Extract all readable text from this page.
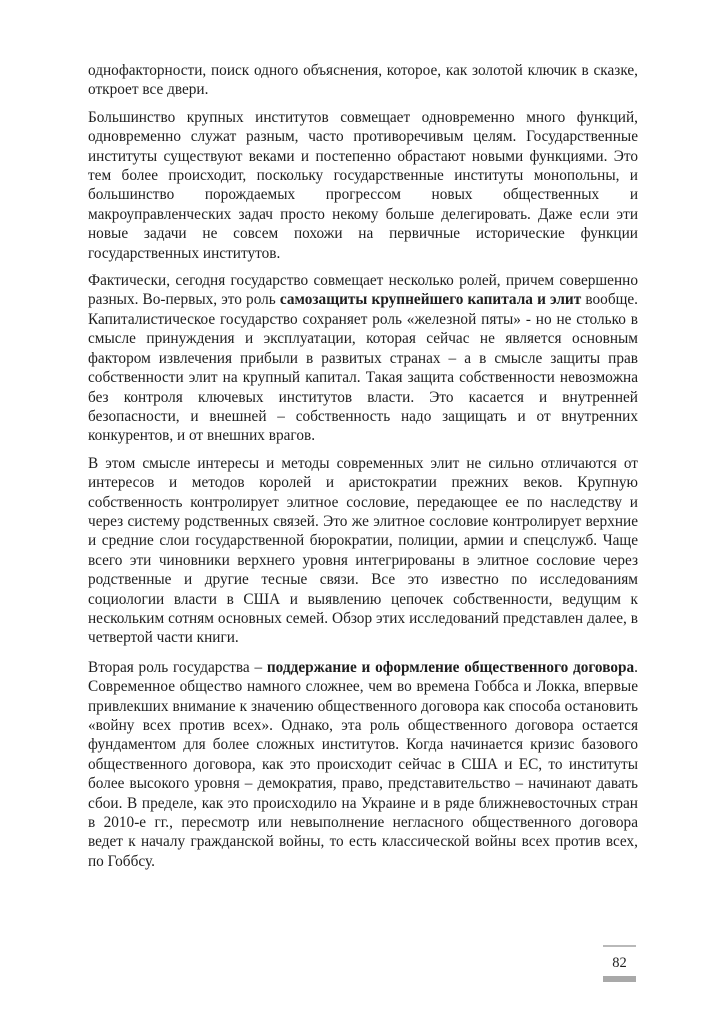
однофакторности, поиск одного объяснения, которое, как золотой ключик в сказке, откроет все двери.

Большинство крупных институтов совмещает одновременно много функций, одновременно служат разным, часто противоречивым целям. Государственные институты существуют веками и постепенно обрастают новыми функциями. Это тем более происходит, поскольку государственные институты монопольны, и большинство порождаемых прогрессом новых общественных и макроуправленческих задач просто некому больше делегировать. Даже если эти новые задачи не совсем похожи на первичные исторические функции государственных институтов.

Фактически, сегодня государство совмещает несколько ролей, причем совершенно разных. Во-первых, это роль самозащиты крупнейшего капитала и элит вообще. Капиталистическое государство сохраняет роль «железной пяты» - но не столько в смысле принуждения и эксплуатации, которая сейчас не является основным фактором извлечения прибыли в развитых странах – а в смысле защиты прав собственности элит на крупный капитал. Такая защита собственности невозможна без контроля ключевых институтов власти. Это касается и внутренней безопасности, и внешней – собственность надо защищать и от внутренних конкурентов, и от внешних врагов.

В этом смысле интересы и методы современных элит не сильно отличаются от интересов и методов королей и аристократии прежних веков. Крупную собственность контролирует элитное сословие, передающее ее по наследству и через систему родственных связей. Это же элитное сословие контролирует верхние и средние слои государственной бюрократии, полиции, армии и спецслужб. Чаще всего эти чиновники верхнего уровня интегрированы в элитное сословие через родственные и другие тесные связи. Все это известно по исследованиям социологии власти в США и выявлению цепочек собственности, ведущим к нескольким сотням основных семей. Обзор этих исследований представлен далее, в четвертой части книги.

Вторая роль государства – поддержание и оформление общественного договора. Современное общество намного сложнее, чем во времена Гоббса и Локка, впервые привлекших внимание к значению общественного договора как способа остановить «войну всех против всех». Однако, эта роль общественного договора остается фундаментом для более сложных институтов. Когда начинается кризис базового общественного договора, как это происходит сейчас в США и ЕС, то институты более высокого уровня – демократия, право, представительство – начинают давать сбои. В пределе, как это происходило на Украине и в ряде ближневосточных стран в 2010-е гг., пересмотр или невыполнение негласного общественного договора ведет к началу гражданской войны, то есть классической войны всех против всех, по Гоббсу.

82
